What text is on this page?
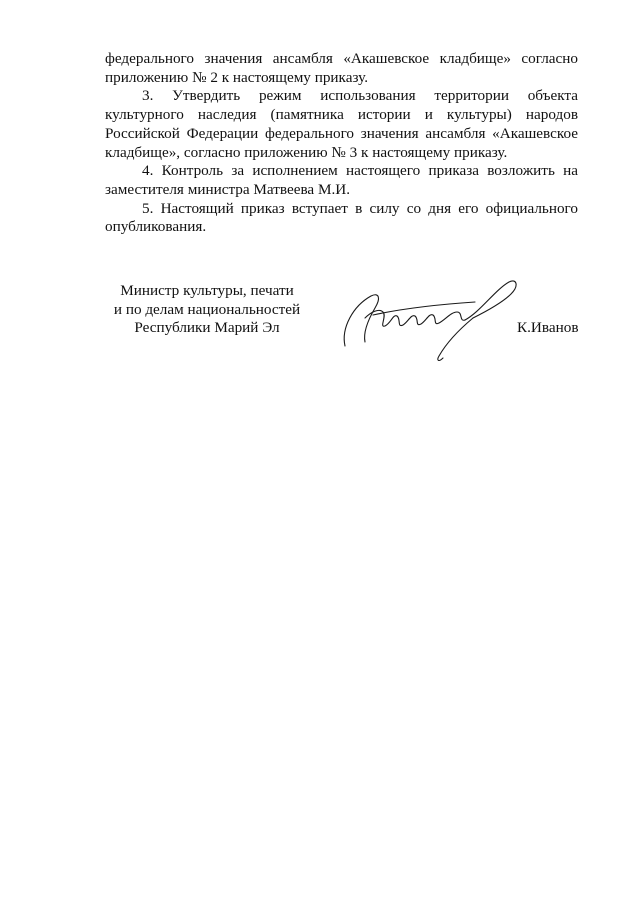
федерального значения ансамбля «Акашевское кладбище» согласно приложению № 2 к настоящему приказу.

3. Утвердить режим использования территории объекта культурного наследия (памятника истории и культуры) народов Российской Федерации федерального значения ансамбля «Акашевское кладбище», согласно приложению № 3 к настоящему приказу.

4. Контроль за исполнением настоящего приказа возложить на заместителя министра Матвеева М.И.

5. Настоящий приказ вступает в силу со дня его официального опубликования.

Министр культуры, печати
и по делам национальностей
Республики Марий Эл	К.Иванов
